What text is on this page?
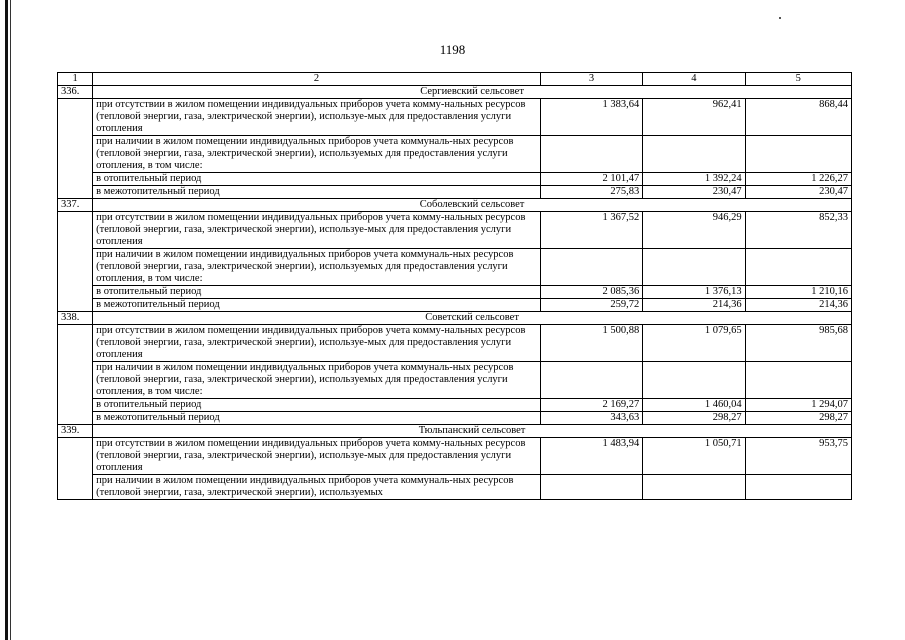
1198
1	2	3	4	5
336.	Сергиевский сельсовет			
	при отсутствии в жилом помещении индивидуальных приборов учета комму-нальных ресурсов (тепловой энергии, газа, электрической энергии), используе-мых для предоставления услуги отопления	1 383,64	962,41	868,44
	при наличии в жилом помещении индивидуальных приборов учета коммуналь-ных ресурсов (тепловой энергии, газа, электрической энергии), используемых для предоставления услуги отопления, в том числе:			
	в отопительный период	2 101,47	1 392,24	1 226,27
	в межотопительный период	275,83	230,47	230,47
337.	Соболевский сельсовет			
	при отсутствии в жилом помещении индивидуальных приборов учета комму-нальных ресурсов (тепловой энергии, газа, электрической энергии), используе-мых для предоставления услуги отопления	1 367,52	946,29	852,33
	при наличии в жилом помещении индивидуальных приборов учета коммуналь-ных ресурсов (тепловой энергии, газа, электрической энергии), используемых для предоставления услуги отопления, в том числе:			
	в отопительный период	2 085,36	1 376,13	1 210,16
	в межотопительный период	259,72	214,36	214,36
338.	Советский сельсовет			
	при отсутствии в жилом помещении индивидуальных приборов учета комму-нальных ресурсов (тепловой энергии, газа, электрической энергии), используе-мых для предоставления услуги отопления	1 500,88	1 079,65	985,68
	при наличии в жилом помещении индивидуальных приборов учета коммуналь-ных ресурсов (тепловой энергии, газа, электрической энергии), используемых для предоставления услуги отопления, в том числе:			
	в отопительный период	2 169,27	1 460,04	1 294,07
	в межотопительный период	343,63	298,27	298,27
339.	Тюльпанский сельсовет			
	при отсутствии в жилом помещении индивидуальных приборов учета комму-нальных ресурсов (тепловой энергии, газа, электрической энергии), используе-мых для предоставления услуги отопления	1 483,94	1 050,71	953,75
	при наличии в жилом помещении индивидуальных приборов учета коммуналь-ных ресурсов (тепловой энергии, газа, электрической энергии), используемых			
